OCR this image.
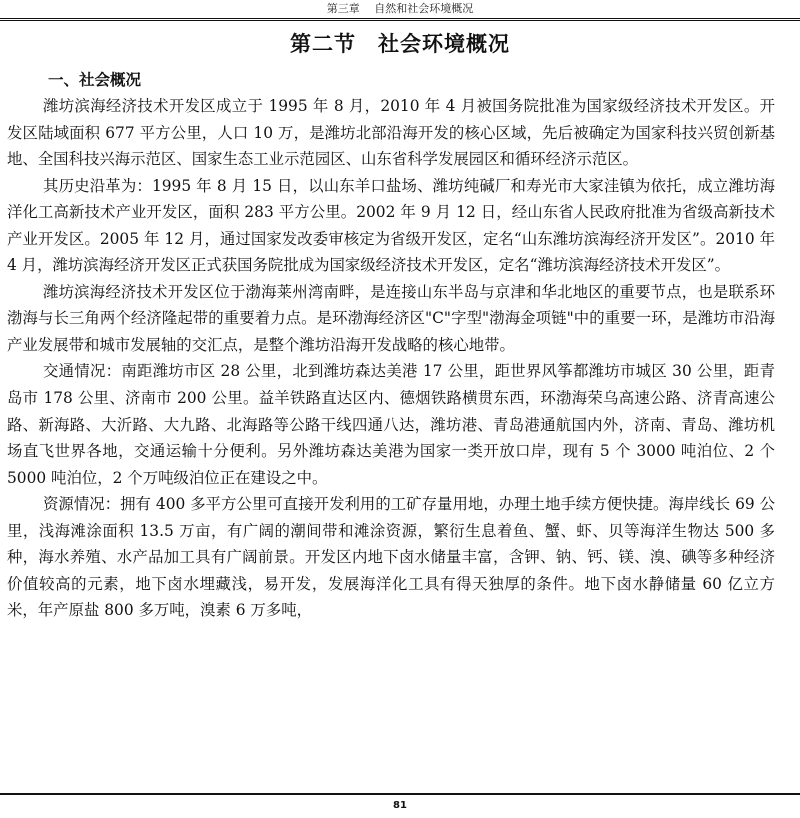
第三章　 自然和社会环境概况
第二节　社会环境概况
一、社会概况

潍坊滨海经济技术开发区成立于 1995 年 8 月，2010 年 4 月被国务院批准为国家级经济技术开发区。开发区陆域面积 677 平方公里，人口 10 万，是潍坊北部沿海开发的核心区域，先后被确定为国家科技兴贸创新基地、全国科技兴海示范区、国家生态工业示范园区、山东省科学发展园区和循环经济示范区。

其历史沿革为：1995 年 8 月 15 日，以山东羊口盐场、潍坊纯碱厂和寿光市大家洼镇为依托，成立潍坊海洋化工高新技术产业开发区，面积 283 平方公里。2002 年 9 月 12 日，经山东省人民政府批准为省级高新技术产业开发区。2005 年 12 月，通过国家发改委审核定为省级开发区，定名“山东潍坊滨海经济开发区”。2010 年 4 月，潍坊滨海经济开发区正式获国务院批成为国家级经济技术开发区，定名“潍坊滨海经济技术开发区”。

潍坊滨海经济技术开发区位于渤海莱州湾南畔，是连接山东半岛与京津和华北地区的重要节点，也是联系环渤海与长三角两个经济隆起带的重要着力点。是环渤海经济区"C"字型"渤海金项链"中的重要一环，是潍坊市沿海产业发展带和城市发展轴的交汇点，是整个潍坊沿海开发战略的核心地带。

交通情况：南距潍坊市区 28 公里，北到潍坊森达美港 17 公里，距世界风筝都潍坊市城区 30 公里，距青岛市 178 公里、济南市 200 公里。益羊铁路直达区内、德烟铁路横贯东西，环渤海荣乌高速公路、济青高速公路、新海路、大沂路、大九路、北海路等公路干线四通八达，潍坊港、青岛港通航国内外，济南、青岛、潍坊机场直飞世界各地，交通运输十分便利。另外潍坊森达美港为国家一类开放口岸，现有 5 个 3000 吨泊位、2 个 5000 吨泊位，2 个万吨级泊位正在建设之中。

资源情况：拥有 400 多平方公里可直接开发利用的工矿存量用地，办理土地手续方便快捷。海岸线长 69 公里，浅海滩涂面积 13.5 万亩，有广阔的潮间带和滩涂资源，繁衍生息着鱼、蟹、虾、贝等海洋生物达 500 多种，海水养殖、水产品加工具有广阔前景。开发区内地下卤水储量丰富，含钾、钠、钙、镁、溴、碘等多种经济价值较高的元素，地下卤水埋藏浅，易开发，发展海洋化工具有得天独厚的条件。地下卤水静储量 60 亿立方米，年产原盐 800 多万吨，溴素 6 万多吨，

81
